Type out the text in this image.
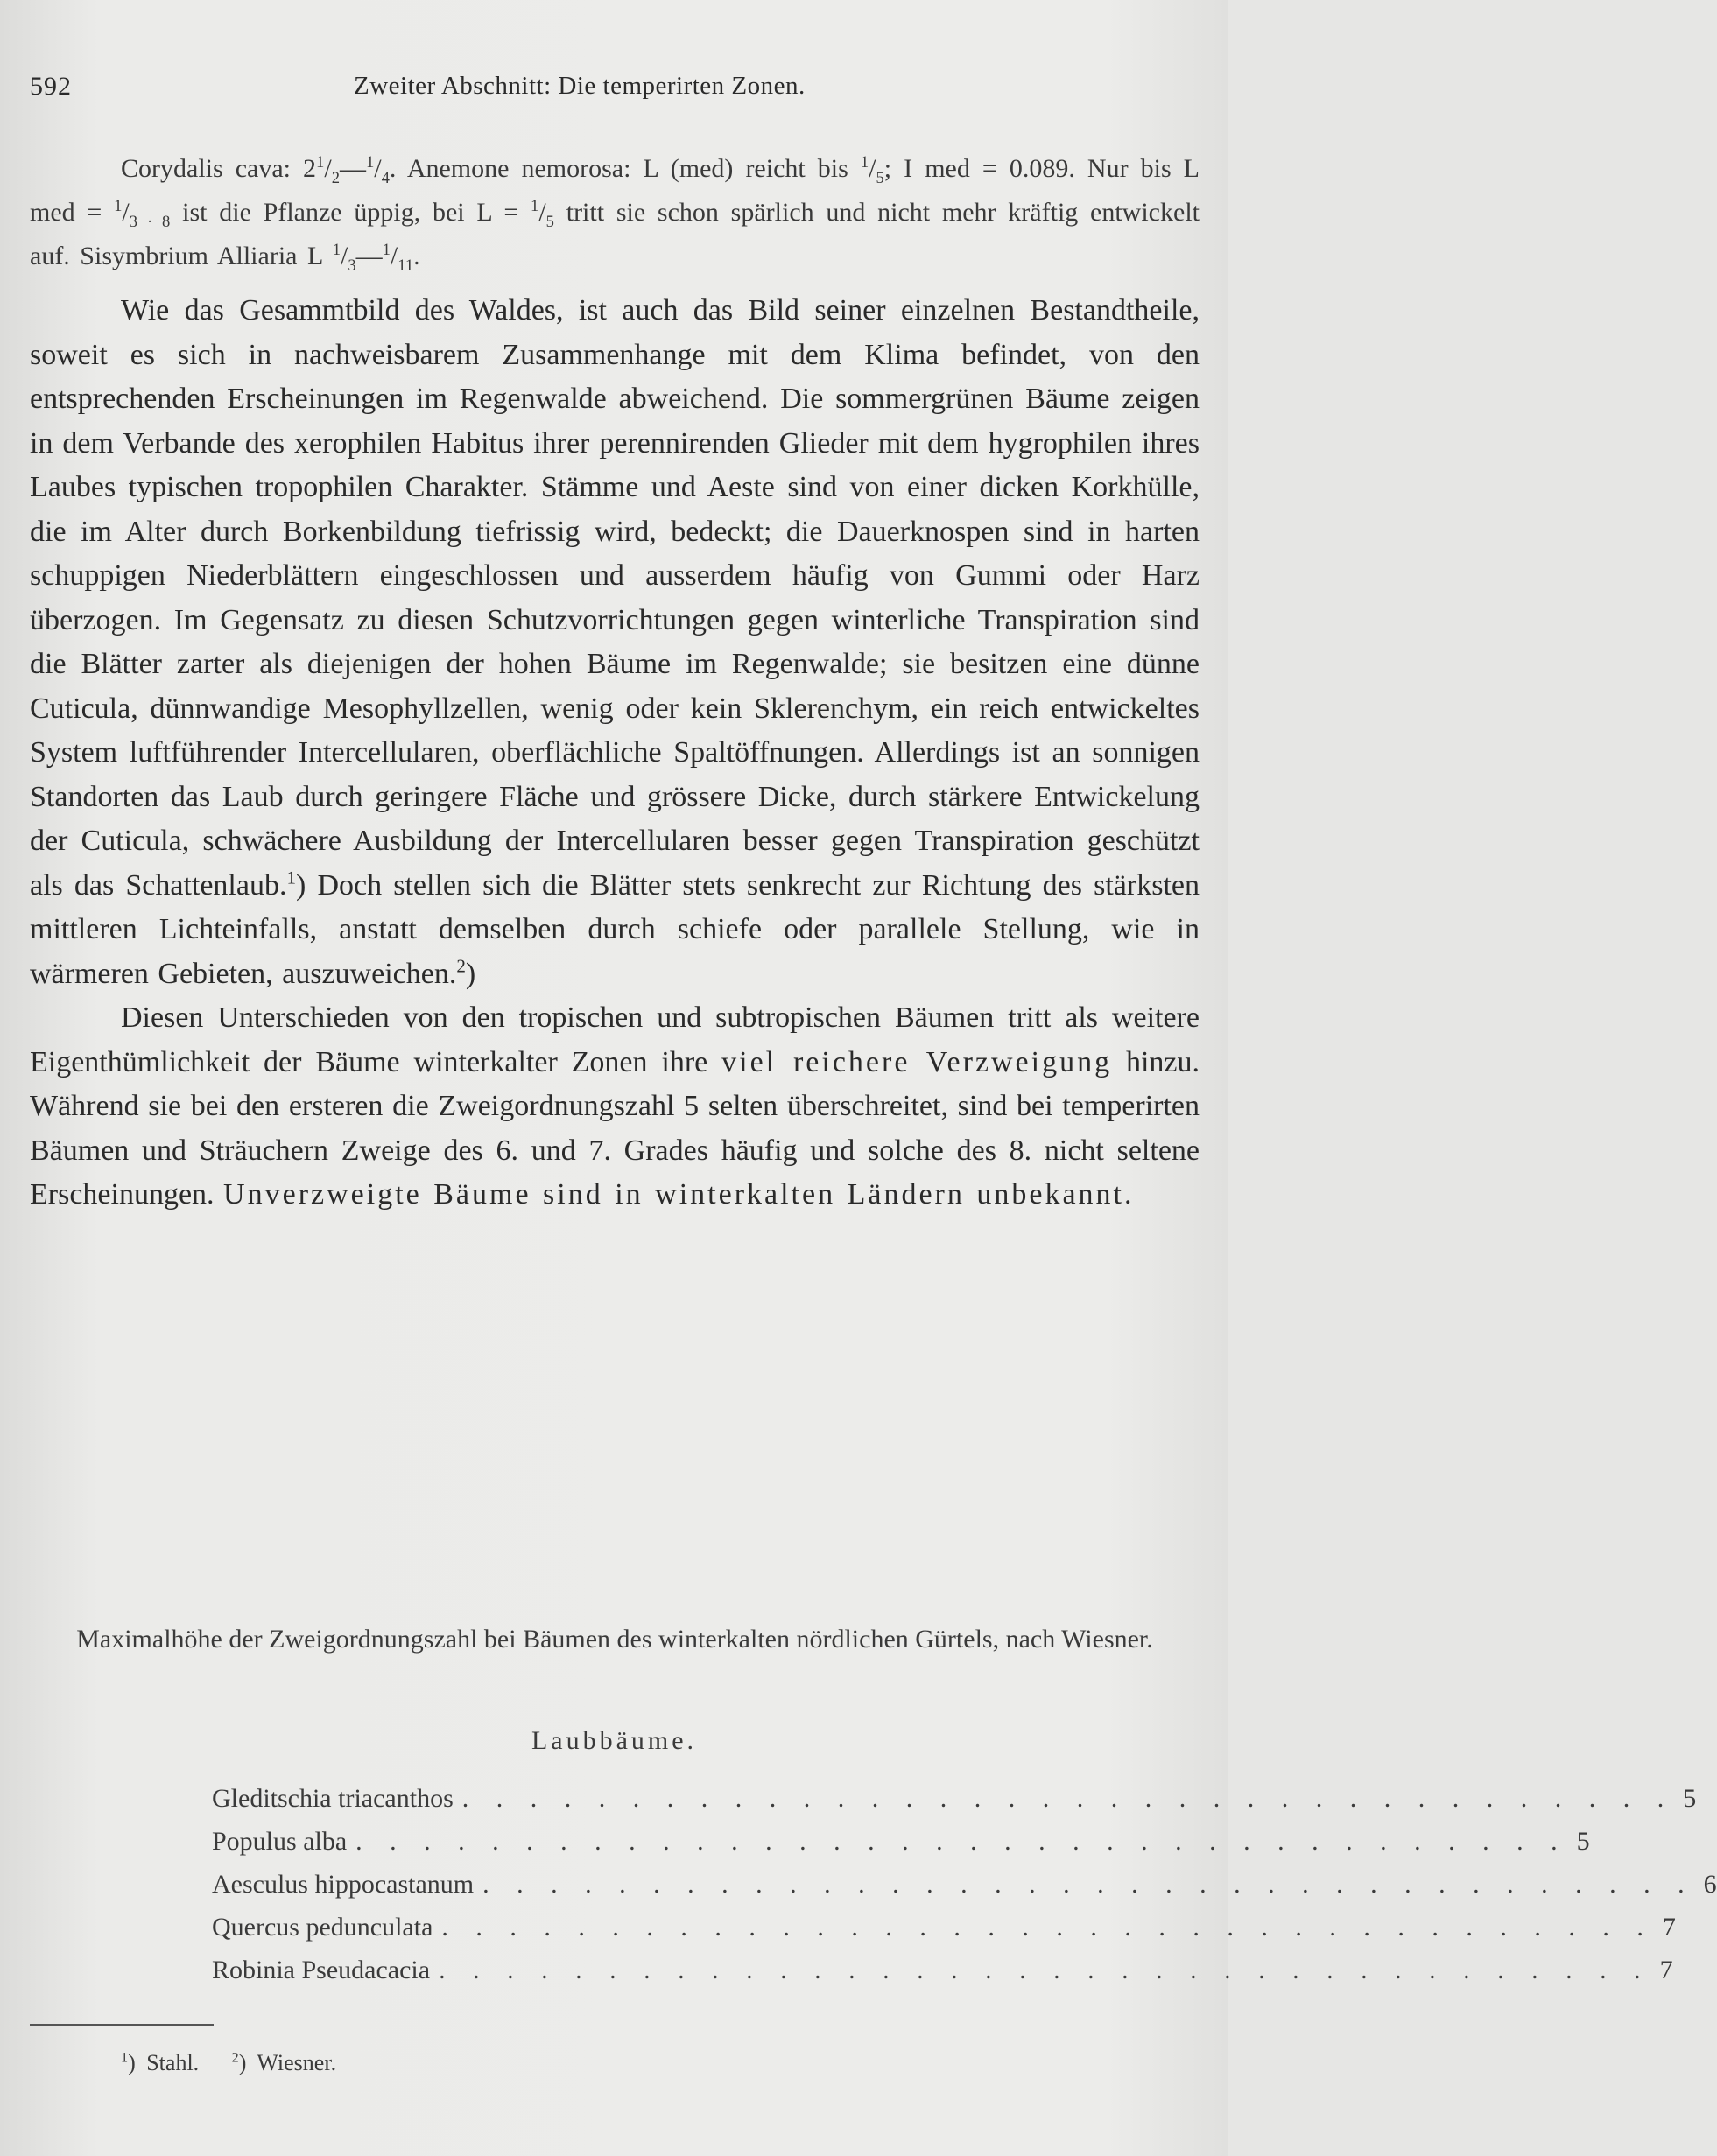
592	Zweiter Abschnitt: Die temperirten Zonen.

Corydalis cava: $2^1/_2—^1/_4$. Anemone nemorosa: L (med) reicht bis $^1/_5$; I med = 0.089. Nur bis L med = $^1/_{3 \cdot 8}$ ist die Pflanze üppig, bei $L = ^1/_5$ tritt sie schon spärlich und nicht mehr kräftig entwickelt auf. Sisymbrium Alliaria L $^1/_3—^1/_{11}$.

Wie das Gesammtbild des Waldes, ist auch das Bild seiner einzelnen Bestandtheile, soweit es sich in nachweisbarem Zusammenhange mit dem Klima befindet, von den entsprechenden Erscheinungen im Regenwalde abweichend. Die sommergrünen Bäume zeigen in dem Verbande des xerophilen Habitus ihrer perennirenden Glieder mit dem hygrophilen ihres Laubes typischen tropophilen Charakter. Stämme und Aeste sind von einer dicken Korkhülle, die im Alter durch Borkenbildung tiefrissig wird, bedeckt; die Dauerknospen sind in harten schuppigen Niederblättern eingeschlossen und ausserdem häufig von Gummi oder Harz überzogen. Im Gegensatz zu diesen Schutzvorrichtungen gegen winterliche Transpiration sind die Blätter zarter als diejenigen der hohen Bäume im Regenwalde; sie besitzen eine dünne Cuticula, dünnwandige Mesophyllzellen, wenig oder kein Sklerenchym, ein reich entwickeltes System luftführender Intercellularen, oberflächliche Spaltöffnungen. Allerdings ist an sonnigen Standorten das Laub durch geringere Fläche und grössere Dicke, durch stärkere Entwickelung der Cuticula, schwächere Ausbildung der Intercellularen besser gegen Transpiration geschützt als das Schattenlaub.$^1$) Doch stellen sich die Blätter stets senkrecht zur Richtung des stärksten mittleren Lichteinfalls, anstatt demselben durch schiefe oder parallele Stellung, wie in wärmeren Gebieten, auszuweichen.$^2$)

Diesen Unterschieden von den tropischen und subtropischen Bäumen tritt als weitere Eigenthümlichkeit der Bäume winterkalter Zonen ihre viel reichere Verzweigung hinzu. Während sie bei den ersteren die Zweigordnungszahl 5 selten überschreitet, sind bei temperirten Bäumen und Sträuchern Zweige des 6. und 7. Grades häufig und solche des 8. nicht seltene Erscheinungen. Unverzweigte Bäume sind in winterkalten Ländern unbekannt.

Maximalhöhe der Zweigordnungszahl bei Bäumen des winterkalten nördlichen Gürtels, nach Wiesner.
Laubbäume.
Gleditschia triacanthos . . . . . . . . . . . . . . . . . . . . . . . . . . . . . . . . . . . . 5
Populus alba . . . . . . . . . . . . . . . . . . . . . . . . . . . . . . . . . . . . 5
Aesculus hippocastanum . . . . . . . . . . . . . . . . . . . . . . . . . . . . . . . . . . . . 6
Quercus pedunculata . . . . . . . . . . . . . . . . . . . . . . . . . . . . . . . . . . . . 7
Robinia Pseudacacia . . . . . . . . . . . . . . . . . . . . . . . . . . . . . . . . . . . . 7
$^1$) Stahl. $^2$) Wiesner.
